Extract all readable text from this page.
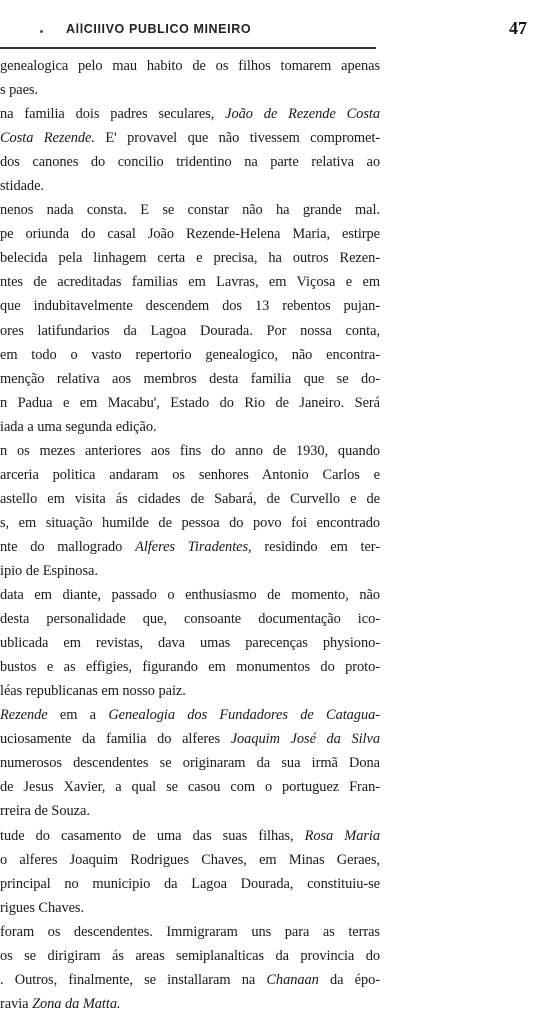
AllCIIIVO PUBLICO MINEIRO	47
genealogica pelo mau habito de os filhos tomarem apenas
s paes.
na familia dois padres seculares, João de Rezende Costa
Costa Rezende. E' provavel que não tivessem compromet-
dos canones do concilio tridentino na parte relativa ao
stidade.
nenos nada consta. E se constar não ha grande mal.
pe oriunda do casal João Rezende-Helena Maria, estirpe
belecida pela linhagem certa e precisa, ha outros Rezen-
ntes de acreditadas familias em Lavras, em Viçosa e em
que indubitavelmente descendem dos 13 rebentos pujan-
ores latifundarios da Lagoa Dourada. Por nossa conta,
em todo o vasto repertorio genealogico, não encontra-
menção relativa aos membros desta familia que se do-
n Padua e em Macabu', Estado do Rio de Janeiro. Será
iada a uma segunda edição.
n os mezes anteriores aos fins do anno de 1930, quando
arceria politica andaram os senhores Antonio Carlos e
astello em visita ás cidades de Sabará, de Curvello e de
s, em situação humilde de pessoa do povo foi encontrado
nte do mallogrado Alferes Tiradentes, residindo em ter-
ipio de Espinosa.
data em diante, passado o enthusiasmo de momento, não
desta personalidade que, consoante documentação ico-
ublicada em revistas, dava umas parecenças physiono-
bustos e as effigies, figurando em monumentos do proto-
léas republicanas em nosso paiz.
Rezende em a Genealogia dos Fundadores de Cataguа-
uciosamente da familia do alferes Joaquim José da Silva
numerosos descendentes se originaram da sua irmã Dona
de Jesus Xavier, a qual se casou com o portuguez Fran-
rreira de Souza.
tude do casamento de uma das suas filhas, Rosa Maria
o alferes Joaquim Rodrigues Chaves, em Minas Geraes,
principal no municipio da Lagoa Dourada, constituiu-se
rigues Chaves.
foram os descendentes. Immigraram uns para as terras
os se dirigiram ás areas semiplanalticas da provincia do
. Outros, finalmente, se installaram na Chanaan da épo-
ravia Zona da Matta.
